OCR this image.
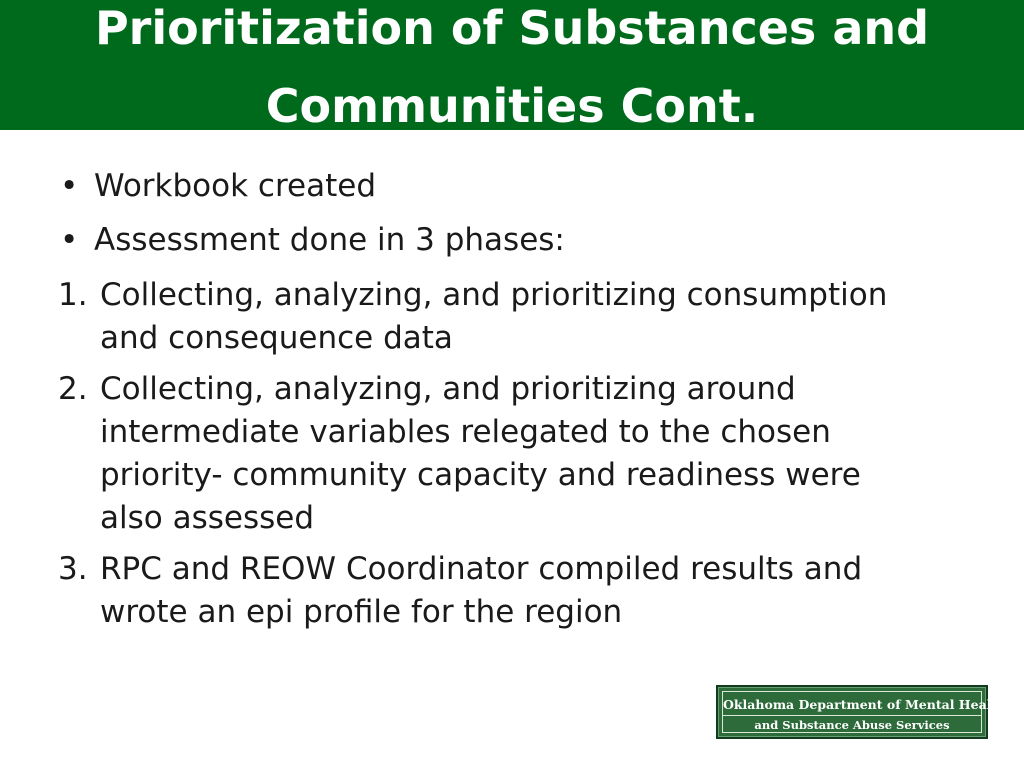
Prioritization of Substances and
Communities Cont.
• Workbook created
• Assessment done in 3 phases:
1. Collecting, analyzing, and prioritizing consumption
and consequence data
2. Collecting, analyzing, and prioritizing around
intermediate variables relegated to the chosen
priority- community capacity and readiness were
also assessed
3. RPC and REOW Coordinator compiled results and
wrote an epi profile for the region
Oklahoma Department of Mental Health
and Substance Abuse Services
